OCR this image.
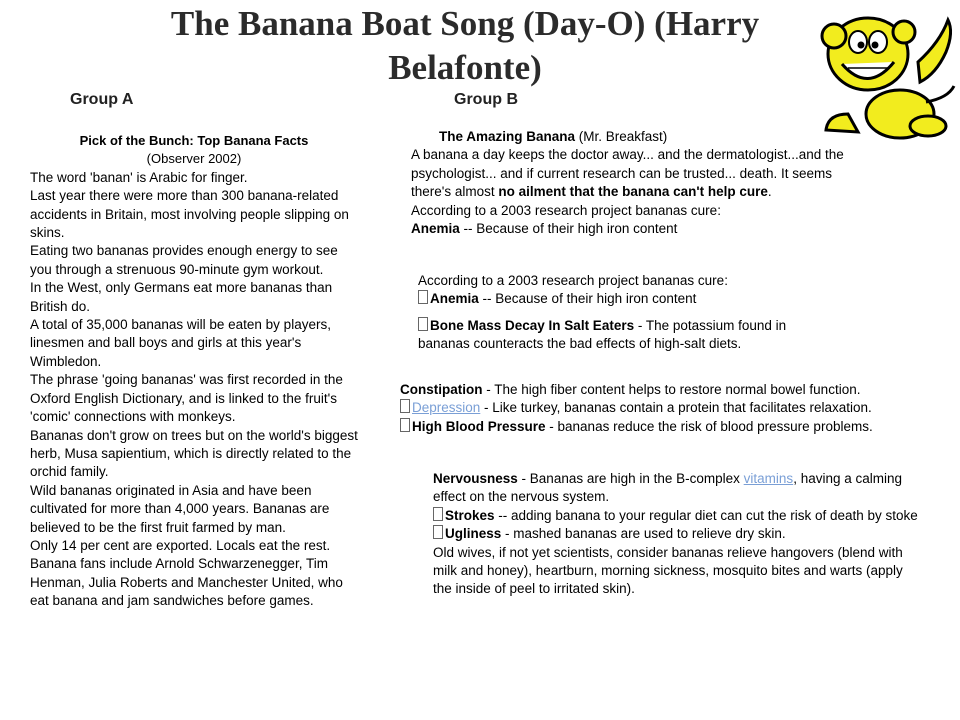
The Banana Boat Song (Day-O) (Harry Belafonte)
Group A	Group B

Pick of the Bunch: Top Banana Facts

(Observer 2002)

The word 'banan' is Arabic for finger.

Last year there were more than 300 banana-related accidents in Britain, most involving people slipping on skins.

Eating two bananas provides enough energy to see you through a strenuous 90-minute gym workout.

In the West, only Germans eat more bananas than British do.

A total of 35,000 bananas will be eaten by players, linesmen and ball boys and girls at this year's Wimbledon.

The phrase 'going bananas' was first recorded in the Oxford English Dictionary, and is linked to the fruit's 'comic' connections with monkeys.

Bananas don't grow on trees but on the world's biggest herb, Musa sapientium, which is directly related to the orchid family.

Wild bananas originated in Asia and have been cultivated for more than 4,000 years. Bananas are believed to be the first fruit farmed by man.

Only 14 per cent are exported. Locals eat the rest.

Banana fans include Arnold Schwarzenegger, Tim Henman, Julia Roberts and Manchester United, who eat banana and jam sandwiches before games.

The Amazing Banana (Mr. Breakfast)

A banana a day keeps the doctor away... and the dermatologist...and the psychologist... and if current research can be trusted... death. It seems there's almost no ailment that the banana can't help cure.

According to a 2003 research project bananas cure:

Anemia -- Because of their high iron content

According to a 2003 research project bananas cure:

Anemia -- Because of their high iron content

Bone Mass Decay In Salt Eaters - The potassium found in bananas counteracts the bad effects of high-salt diets.

Constipation - The high fiber content helps to restore normal bowel function.

Depression - Like turkey, bananas contain a protein that facilitates relaxation.

High Blood Pressure - bananas reduce the risk of blood pressure problems.

Nervousness - Bananas are high in the B-complex vitamins, having a calming effect on the nervous system.

Strokes -- adding banana to your regular diet can cut the risk of death by stoke

Ugliness - mashed bananas are used to relieve dry skin.

Old wives, if not yet scientists, consider bananas relieve hangovers (blend with milk and honey), heartburn, morning sickness, mosquito bites and warts (apply the inside of peel to irritated skin).
